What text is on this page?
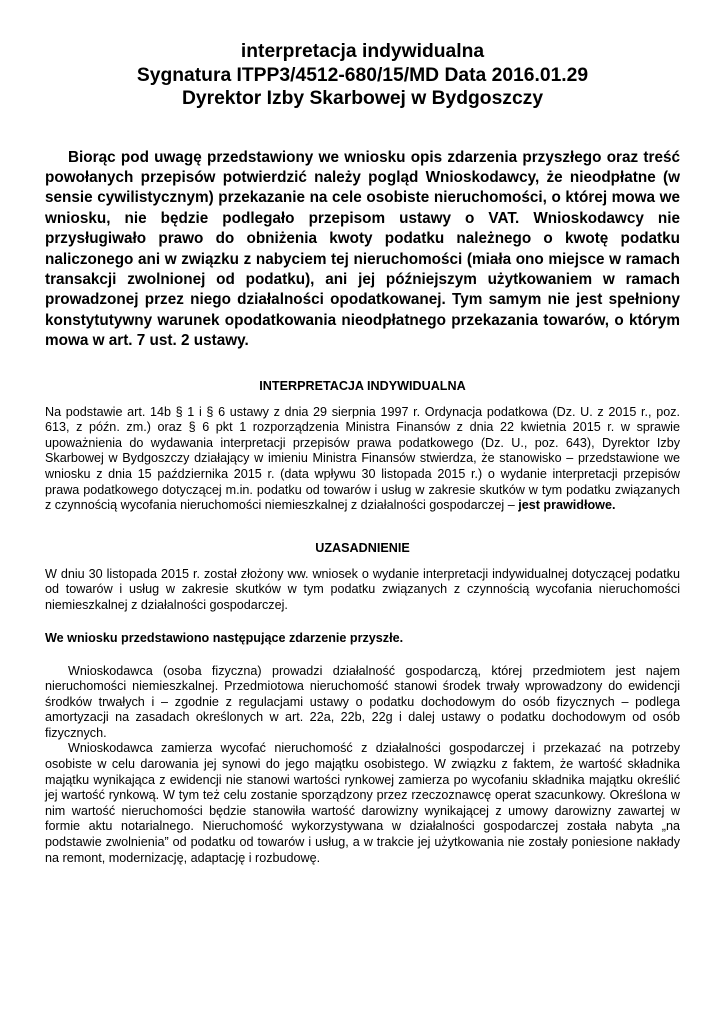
interpretacja indywidualna
Sygnatura ITPP3/4512-680/15/MD Data 2016.01.29
Dyrektor Izby Skarbowej w Bydgoszczy
Biorąc pod uwagę przedstawiony we wniosku opis zdarzenia przyszłego oraz treść powołanych przepisów potwierdzić należy pogląd Wnioskodawcy, że nieodpłatne (w sensie cywilistycznym) przekazanie na cele osobiste nieruchomości, o której mowa we wniosku, nie będzie podlegało przepisom ustawy o VAT. Wnioskodawcy nie przysługiwało prawo do obniżenia kwoty podatku należnego o kwotę podatku naliczonego ani w związku z nabyciem tej nieruchomości (miała ono miejsce w ramach transakcji zwolnionej od podatku), ani jej późniejszym użytkowaniem w ramach prowadzonej przez niego działalności opodatkowanej. Tym samym nie jest spełniony konstytutywny warunek opodatkowania nieodpłatnego przekazania towarów, o którym mowa w art. 7 ust. 2 ustawy.
INTERPRETACJA INDYWIDUALNA
Na podstawie art. 14b § 1 i § 6 ustawy z dnia 29 sierpnia 1997 r. Ordynacja podatkowa (Dz. U. z 2015 r., poz. 613, z późn. zm.) oraz § 6 pkt 1 rozporządzenia Ministra Finansów z dnia 22 kwietnia 2015 r. w sprawie upoważnienia do wydawania interpretacji przepisów prawa podatkowego (Dz. U., poz. 643), Dyrektor Izby Skarbowej w Bydgoszczy działający w imieniu Ministra Finansów stwierdza, że stanowisko – przedstawione we wniosku z dnia 15 października 2015 r. (data wpływu 30 listopada 2015 r.) o wydanie interpretacji przepisów prawa podatkowego dotyczącej m.in. podatku od towarów i usług w zakresie skutków w tym podatku związanych z czynnością wycofania nieruchomości niemieszkalnej z działalności gospodarczej – jest prawidłowe.
UZASADNIENIE
W dniu 30 listopada 2015 r. został złożony ww. wniosek o wydanie interpretacji indywidualnej dotyczącej podatku od towarów i usług w zakresie skutków w tym podatku związanych z czynnością wycofania nieruchomości niemieszkalnej z działalności gospodarczej.
We wniosku przedstawiono następujące zdarzenie przyszłe.
Wnioskodawca (osoba fizyczna) prowadzi działalność gospodarczą, której przedmiotem jest najem nieruchomości niemieszkalnej. Przedmiotowa nieruchomość stanowi środek trwały wprowadzony do ewidencji środków trwałych i – zgodnie z regulacjami ustawy o podatku dochodowym do osób fizycznych – podlega amortyzacji na zasadach określonych w art. 22a, 22b, 22g i dalej ustawy o podatku dochodowym od osób fizycznych.
Wnioskodawca zamierza wycofać nieruchomość z działalności gospodarczej i przekazać na potrzeby osobiste w celu darowania jej synowi do jego majątku osobistego. W związku z faktem, że wartość składnika majątku wynikająca z ewidencji nie stanowi wartości rynkowej zamierza po wycofaniu składnika majątku określić jej wartość rynkową. W tym też celu zostanie sporządzony przez rzeczoznawcę operat szacunkowy. Określona w nim wartość nieruchomości będzie stanowiła wartość darowizny wynikającej z umowy darowizny zawartej w formie aktu notarialnego. Nieruchomość wykorzystywana w działalności gospodarczej została nabyta „na podstawie zwolnienia” od podatku od towarów i usług, a w trakcie jej użytkowania nie zostały poniesione nakłady na remont, modernizację, adaptację i rozbudowę.
